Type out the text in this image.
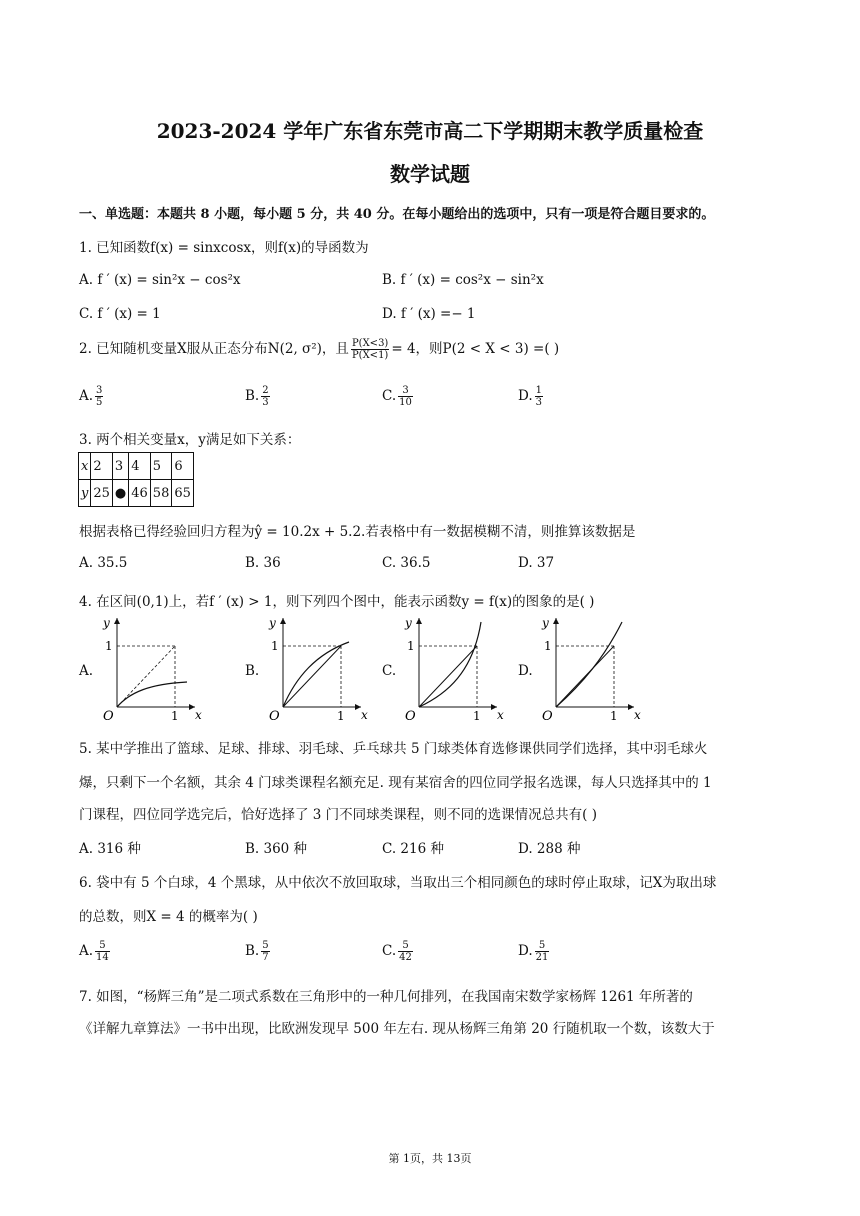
2023-2024 学年广东省东莞市高二下学期期末教学质量检查
数学试题
一、单选题：本题共 8 小题，每小题 5 分，共 40 分。在每小题给出的选项中，只有一项是符合题目要求的。
1. 已知函数f(x) = sinxcosx，则f(x)的导函数为
A. f ′ (x) = sin²x − cos²x	B. f ′ (x) = cos²x − sin²x
C. f ′ (x) = 1	D. f ′ (x) =− 1
2. 已知随机变量X服从正态分布N(2, σ²)，且 $\frac{P(X<3)}{P(X<1)} = 4$，则P(2 < X < 3) =( )
A. $\frac{3}{5}$	B. $\frac{2}{3}$	C. $\frac{3}{10}$	D. $\frac{1}{3}$
3. 两个相关变量x，y满足如下关系：
x	2	3	4	5	6
y	25	●	46	58	65
根据表格已得经验回归方程为ŷ = 10.2x + 5.2.若表格中有一数据模糊不清，则推算该数据是
A. 35.5	B. 36	C. 36.5	D. 37
4. 在区间(0,1)上，若f ′ (x) > 1，则下列四个图中，能表示函数y = f(x)的图象的是( )
A.	B.	C.	D.
y
x
O
1
1
y
x
O
1
1
y
x
O
1
1
y
x
O
1
1
5. 某中学推出了篮球、足球、排球、羽毛球、乒乓球共 5 门球类体育选修课供同学们选择，其中羽毛球火
爆，只剩下一个名额，其余 4 门球类课程名额充足. 现有某宿舍的四位同学报名选课，每人只选择其中的 1
门课程，四位同学选完后，恰好选择了 3 门不同球类课程，则不同的选课情况总共有( )
A. 316 种	B. 360 种	C. 216 种	D. 288 种
6. 袋中有 5 个白球，4 个黑球，从中依次不放回取球，当取出三个相同颜色的球时停止取球，记X为取出球
的总数，则X = 4 的概率为( )
A. $\frac{5}{14}$	B. $\frac{5}{7}$	C. $\frac{5}{42}$	D. $\frac{5}{21}$
7. 如图，“杨辉三角”是二项式系数在三角形中的一种几何排列，在我国南宋数学家杨辉 1261 年所著的
《详解九章算法》一书中出现，比欧洲发现早 500 年左右. 现从杨辉三角第 20 行随机取一个数，该数大于
第 1页，共 13页
